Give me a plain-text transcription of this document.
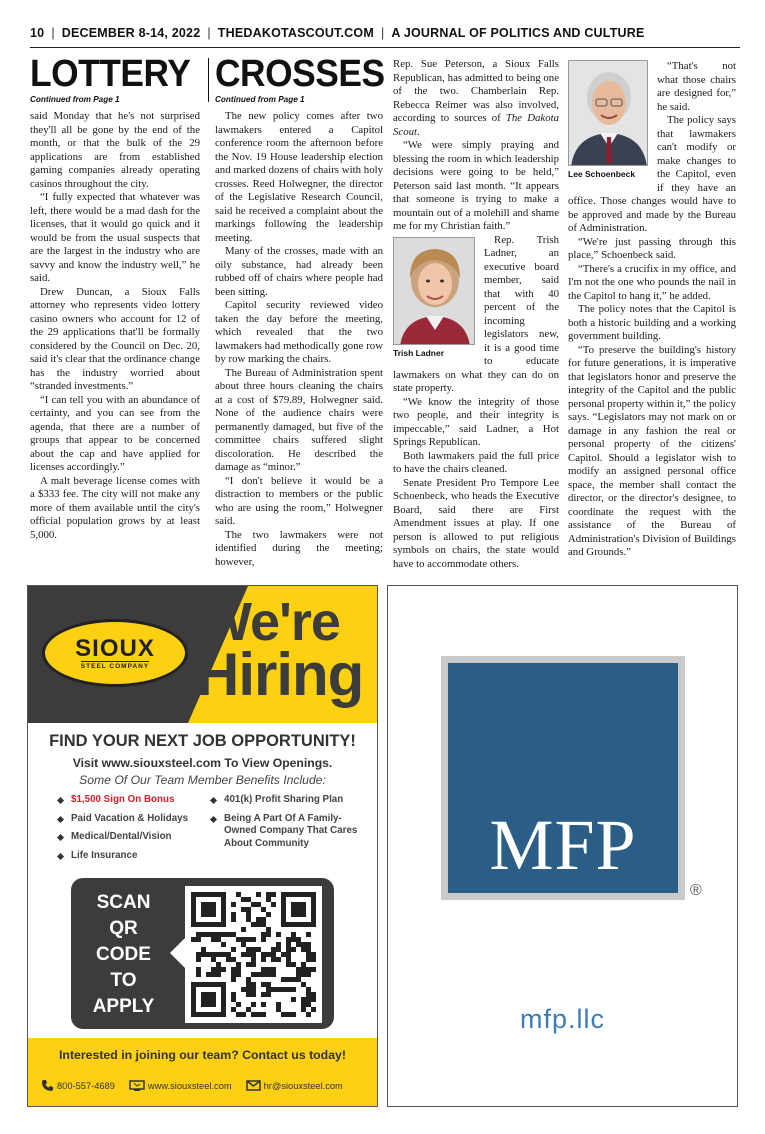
10 | DECEMBER 8-14, 2022 | THEDAKOTASCOUT.COM | A JOURNAL OF POLITICS AND CULTURE
LOTTERY
Continued from Page 1

said Monday that he's not surprised they'll all be gone by the end of the month, or that the bulk of the 29 applications are from established gaming companies already operating casinos throughout the city.

“I fully expected that whatever was left, there would be a mad dash for the licenses, that it would go quick and it would be from the usual suspects that are the largest in the industry who are savvy and know the industry well,” he said.

Drew Duncan, a Sioux Falls attorney who represents video lottery casino owners who account for 12 of the 29 applications that'll be formally considered by the Council on Dec. 20, said it's clear that the ordinance change has the industry worried about “stranded investments.”

“I can tell you with an abundance of certainty, and you can see from the agenda, that there are a number of groups that appear to be concerned about the cap and have applied for licenses accordingly.”

A malt beverage license comes with a $333 fee. The city will not make any more of them available until the city's official population grows by at least 5,000.

CROSSES
Continued from Page 1

The new policy comes after two lawmakers entered a Capitol conference room the afternoon before the Nov. 19 House leadership election and marked dozens of chairs with holy crosses. Reed Holwegner, the director of the Legislative Research Council, said he received a complaint about the markings following the leadership meeting.

Many of the crosses, made with an oily substance, had already been rubbed off of chairs where people had been sitting.

Capitol security reviewed video taken the day before the meeting, which revealed that the two lawmakers had methodically gone row by row marking the chairs.

The Bureau of Administration spent about three hours cleaning the chairs at a cost of $79.89, Holwegner said. None of the audience chairs were permanently damaged, but five of the committee chairs suffered slight discoloration. He described the damage as “minor.”

“I don't believe it would be a distraction to members or the public who are using the room,” Holwegner said.

The two lawmakers were not identified during the meeting; however,

Rep. Sue Peterson, a Sioux Falls Republican, has admitted to being one of the two. Chamberlain Rep. Rebecca Reimer was also involved, according to sources of The Dakota Scout.

“We were simply praying and blessing the room in which leadership decisions were going to be held,” Peterson said last month. “It appears that someone is trying to make a mountain out of a molehill and shame me for my Christian faith.”

Trish Ladner

Rep. Trish Ladner, an executive board member, said that with 40 percent of the incoming legislators new, it is a good time to educate lawmakers on what they can do on state property.

“We know the integrity of those two people, and their integrity is impeccable,” said Ladner, a Hot Springs Republican.

Both lawmakers paid the full price to have the chairs cleaned.

Senate President Pro Tempore Lee Schoenbeck, who heads the Executive Board, said there are First Amendment issues at play. If one person is allowed to put religious symbols on chairs, the state would have to accommodate others.

Lee Schoenbeck

“That's not what those chairs are designed for,” he said.

The policy says that lawmakers can't modify or make changes to the Capitol, even if they have an office. Those changes would have to be approved and made by the Bureau of Administration.

“We're just passing through this place,” Schoenbeck said.

“There's a crucifix in my office, and I'm not the one who pounds the nail in the Capitol to hang it,” he added.

The policy notes that the Capitol is both a historic building and a working government building.

“To preserve the building's history for future generations, it is imperative that legislators honor and preserve the integrity of the Capitol and the public personal property within it,” the policy says. “Legislators may not mark on or damage in any fashion the real or personal property of the citizens' Capitol. Should a legislator wish to modify an assigned personal office space, the member shall contact the director, or the director's designee, to coordinate the request with the assistance of the Bureau of Administration's Division of Buildings and Grounds.”

SIOUX
STEEL COMPANY
We're
Hiring
FIND YOUR NEXT JOB OPPORTUNITY!
Visit www.siouxsteel.com To View Openings.
Some Of Our Team Member Benefits Include:
$1,500 Sign On Bonus
Paid Vacation & Holidays
Medical/Dental/Vision
Life Insurance
401(k) Profit Sharing Plan
Being A Part Of A Family-Owned Company That Cares About Community
SCAN
QR
CODE
TO
APPLY
Interested in joining our team? Contact us today!
800-557-4689	www.siouxsteel.com	hr@siouxsteel.com
MFP
®
mfp.llc
